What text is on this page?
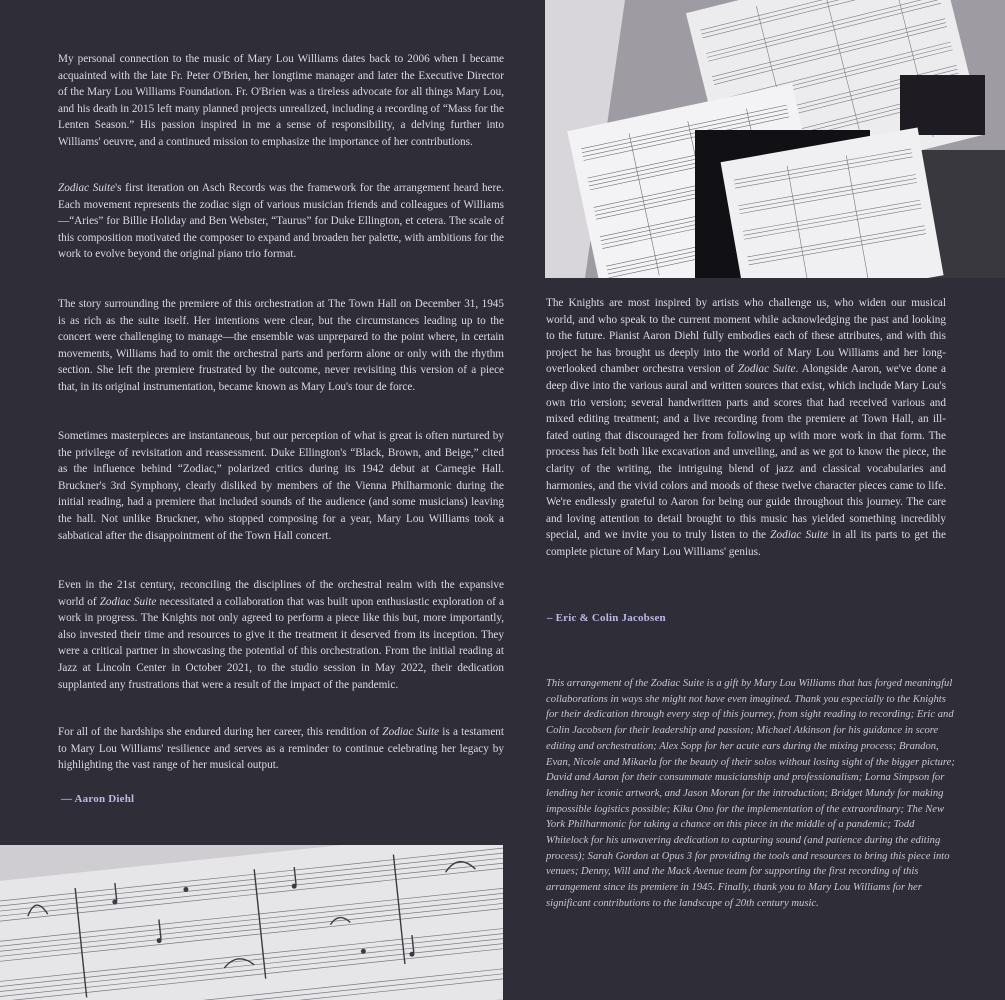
My personal connection to the music of Mary Lou Williams dates back to 2006 when I became acquainted with the late Fr. Peter O'Brien, her longtime manager and later the Executive Director of the Mary Lou Williams Foundation. Fr. O'Brien was a tireless advocate for all things Mary Lou, and his death in 2015 left many planned projects unrealized, including a recording of “Mass for the Lenten Season.” His passion inspired in me a sense of responsibility, a delving further into Williams' oeuvre, and a continued mission to emphasize the importance of her contributions.

Zodiac Suite's first iteration on Asch Records was the framework for the arrangement heard here. Each movement represents the zodiac sign of various musician friends and colleagues of Williams—“Aries” for Billie Holiday and Ben Webster, “Taurus” for Duke Ellington, et cetera. The scale of this composition motivated the composer to expand and broaden her palette, with ambitions for the work to evolve beyond the original piano trio format.

The story surrounding the premiere of this orchestration at The Town Hall on December 31, 1945 is as rich as the suite itself. Her intentions were clear, but the circumstances leading up to the concert were challenging to manage—the ensemble was unprepared to the point where, in certain movements, Williams had to omit the orchestral parts and perform alone or only with the rhythm section. She left the premiere frustrated by the outcome, never revisiting this version of a piece that, in its original instrumentation, became known as Mary Lou's tour de force.

Sometimes masterpieces are instantaneous, but our perception of what is great is often nurtured by the privilege of revisitation and reassessment. Duke Ellington's “Black, Brown, and Beige,” cited as the influence behind “Zodiac,” polarized critics during its 1942 debut at Carnegie Hall. Bruckner's 3rd Symphony, clearly disliked by members of the Vienna Philharmonic during the initial reading, had a premiere that included sounds of the audience (and some musicians) leaving the hall. Not unlike Bruckner, who stopped composing for a year, Mary Lou Williams took a sabbatical after the disappointment of the Town Hall concert.

Even in the 21st century, reconciling the disciplines of the orchestral realm with the expansive world of Zodiac Suite necessitated a collaboration that was built upon enthusiastic exploration of a work in progress. The Knights not only agreed to perform a piece like this but, more importantly, also invested their time and resources to give it the treatment it deserved from its inception. They were a critical partner in showcasing the potential of this orchestration. From the initial reading at Jazz at Lincoln Center in October 2021, to the studio session in May 2022, their dedication supplanted any frustrations that were a result of the impact of the pandemic.

For all of the hardships she endured during her career, this rendition of Zodiac Suite is a testament to Mary Lou Williams' resilience and serves as a reminder to continue celebrating her legacy by highlighting the vast range of her musical output.

— Aaron Diehl

The Knights are most inspired by artists who challenge us, who widen our musical world, and who speak to the current moment while acknowledging the past and looking to the future. Pianist Aaron Diehl fully embodies each of these attributes, and with this project he has brought us deeply into the world of Mary Lou Williams and her long-overlooked chamber orchestra version of Zodiac Suite. Alongside Aaron, we've done a deep dive into the various aural and written sources that exist, which include Mary Lou's own trio version; several handwritten parts and scores that had received various and mixed editing treatment; and a live recording from the premiere at Town Hall, an ill-fated outing that discouraged her from following up with more work in that form. The process has felt both like excavation and unveiling, and as we got to know the piece, the clarity of the writing, the intriguing blend of jazz and classical vocabularies and harmonies, and the vivid colors and moods of these twelve character pieces came to life. We're endlessly grateful to Aaron for being our guide throughout this journey. The care and loving attention to detail brought to this music has yielded something incredibly special, and we invite you to truly listen to the Zodiac Suite in all its parts to get the complete picture of Mary Lou Williams' genius.

– Eric & Colin Jacobsen

This arrangement of the Zodiac Suite is a gift by Mary Lou Williams that has forged meaningful collaborations in ways she might not have even imagined. Thank you especially to the Knights for their dedication through every step of this journey, from sight reading to recording; Eric and Colin Jacobsen for their leadership and passion; Michael Atkinson for his guidance in score editing and orchestration; Alex Sopp for her acute ears during the mixing process; Brandon, Evan, Nicole and Mikaela for the beauty of their solos without losing sight of the bigger picture; David and Aaron for their consummate musicianship and professionalism; Lorna Simpson for lending her iconic artwork, and Jason Moran for the introduction; Bridget Mundy for making impossible logistics possible; Kiku Ono for the implementation of the extraordinary; The New York Philharmonic for taking a chance on this piece in the middle of a pandemic; Todd Whitelock for his unwavering dedication to capturing sound (and patience during the editing process); Sarah Gordon at Opus 3 for providing the tools and resources to bring this piece into venues; Denny, Will and the Mack Avenue team for supporting the first recording of this arrangement since its premiere in 1945. Finally, thank you to Mary Lou Williams for her significant contributions to the landscape of 20th century music.
